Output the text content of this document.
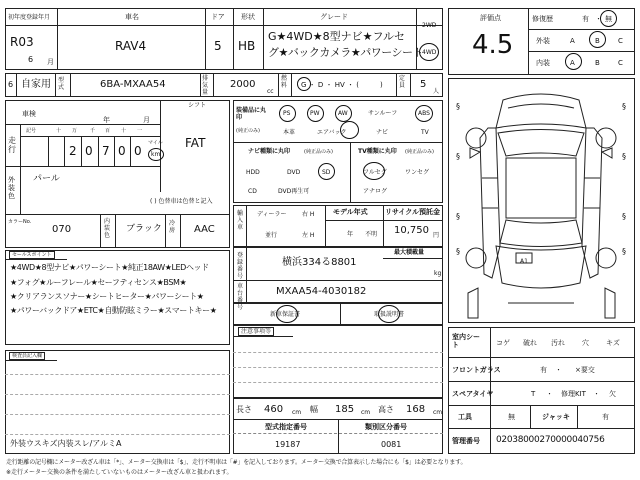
初年度登録年月
R03
6 月
車名
RAV4
ドア
5
形状
HB
グレード
G★4WD★8型ナビ★フルセ
グ★バックカメラ★パワーシート
2WD
4WD
6 自家用 型式	6BA-MXAA54
排気量
2000
cc
燃料	G ・ D ・ HV ・ (　　　)
定員	5
人
評価点
4.5
修復歴	有 ・ 無
外装	A	B	C
内装	A	B	C
車検
年	月
シフト
FAT
走行
記号	十 万	千 百 十 一
2 0 7 0 0
マイル
km
外装色
パール
( ) 色替車は色替と記入
カラーNo.
070
内装色
ブラック
冷房	AAC
装備品に丸印
(純正のみ)
PS	PW	AW	サンルーフ	ABS
本革	エアバック	ナビ	TV
ナビ種類に丸印	(純正品のみ)
HDD	DVD	SD
CD	DVD再生可
TV種類に丸印 (純正品のみ)
フルセグ	ワンセグ
アナログ
輸入車
ディーラー
並行
右 H
左 H
モデル年式
年 不明
リサイクル預託金
10,750 円
最大積載量
kg
登録番号
横浜334る8801
車台番号
MXAA54-4030182
新車保証書	取扱説明書
注意事項等
セールスポイント
★4WD★8型ナビ★パワーシート★純正18AW★LEDヘッド
★フォグ★ルーフレール★セーフティセンス★BSM★
★クリアランスソナー★シートヒーター★パワーシート★
★パワーバックドア★ETC★自動防眩ミラー★スマートキー★
検査員記入欄
外装ウスキズ内装スレ/アルミA
長さ 460 cm 幅 185 cm 高さ 168 cm
型式指定番号
19187
類別区分番号
0081
A1
§	§
§	§
§	§
§	§
室内シート	コゲ 破れ 汚れ 穴 キズ
フロントガラス	有 ・ ×要交
スペアタイヤ	T ・ 修理KIT ・ 欠
工具	無	ジャッキ	有
管理番号 02038000270000040756
走行距離の記号欄にメーター改ざん車は「*」、メーター交換車は「$」、走行不明車は「#」を記入しております。メーター交換で合算表示した場合にも「$」は必要となります。
※走行メーター交換の条件を満たしていないものはメーター改ざん車と扱われます。
